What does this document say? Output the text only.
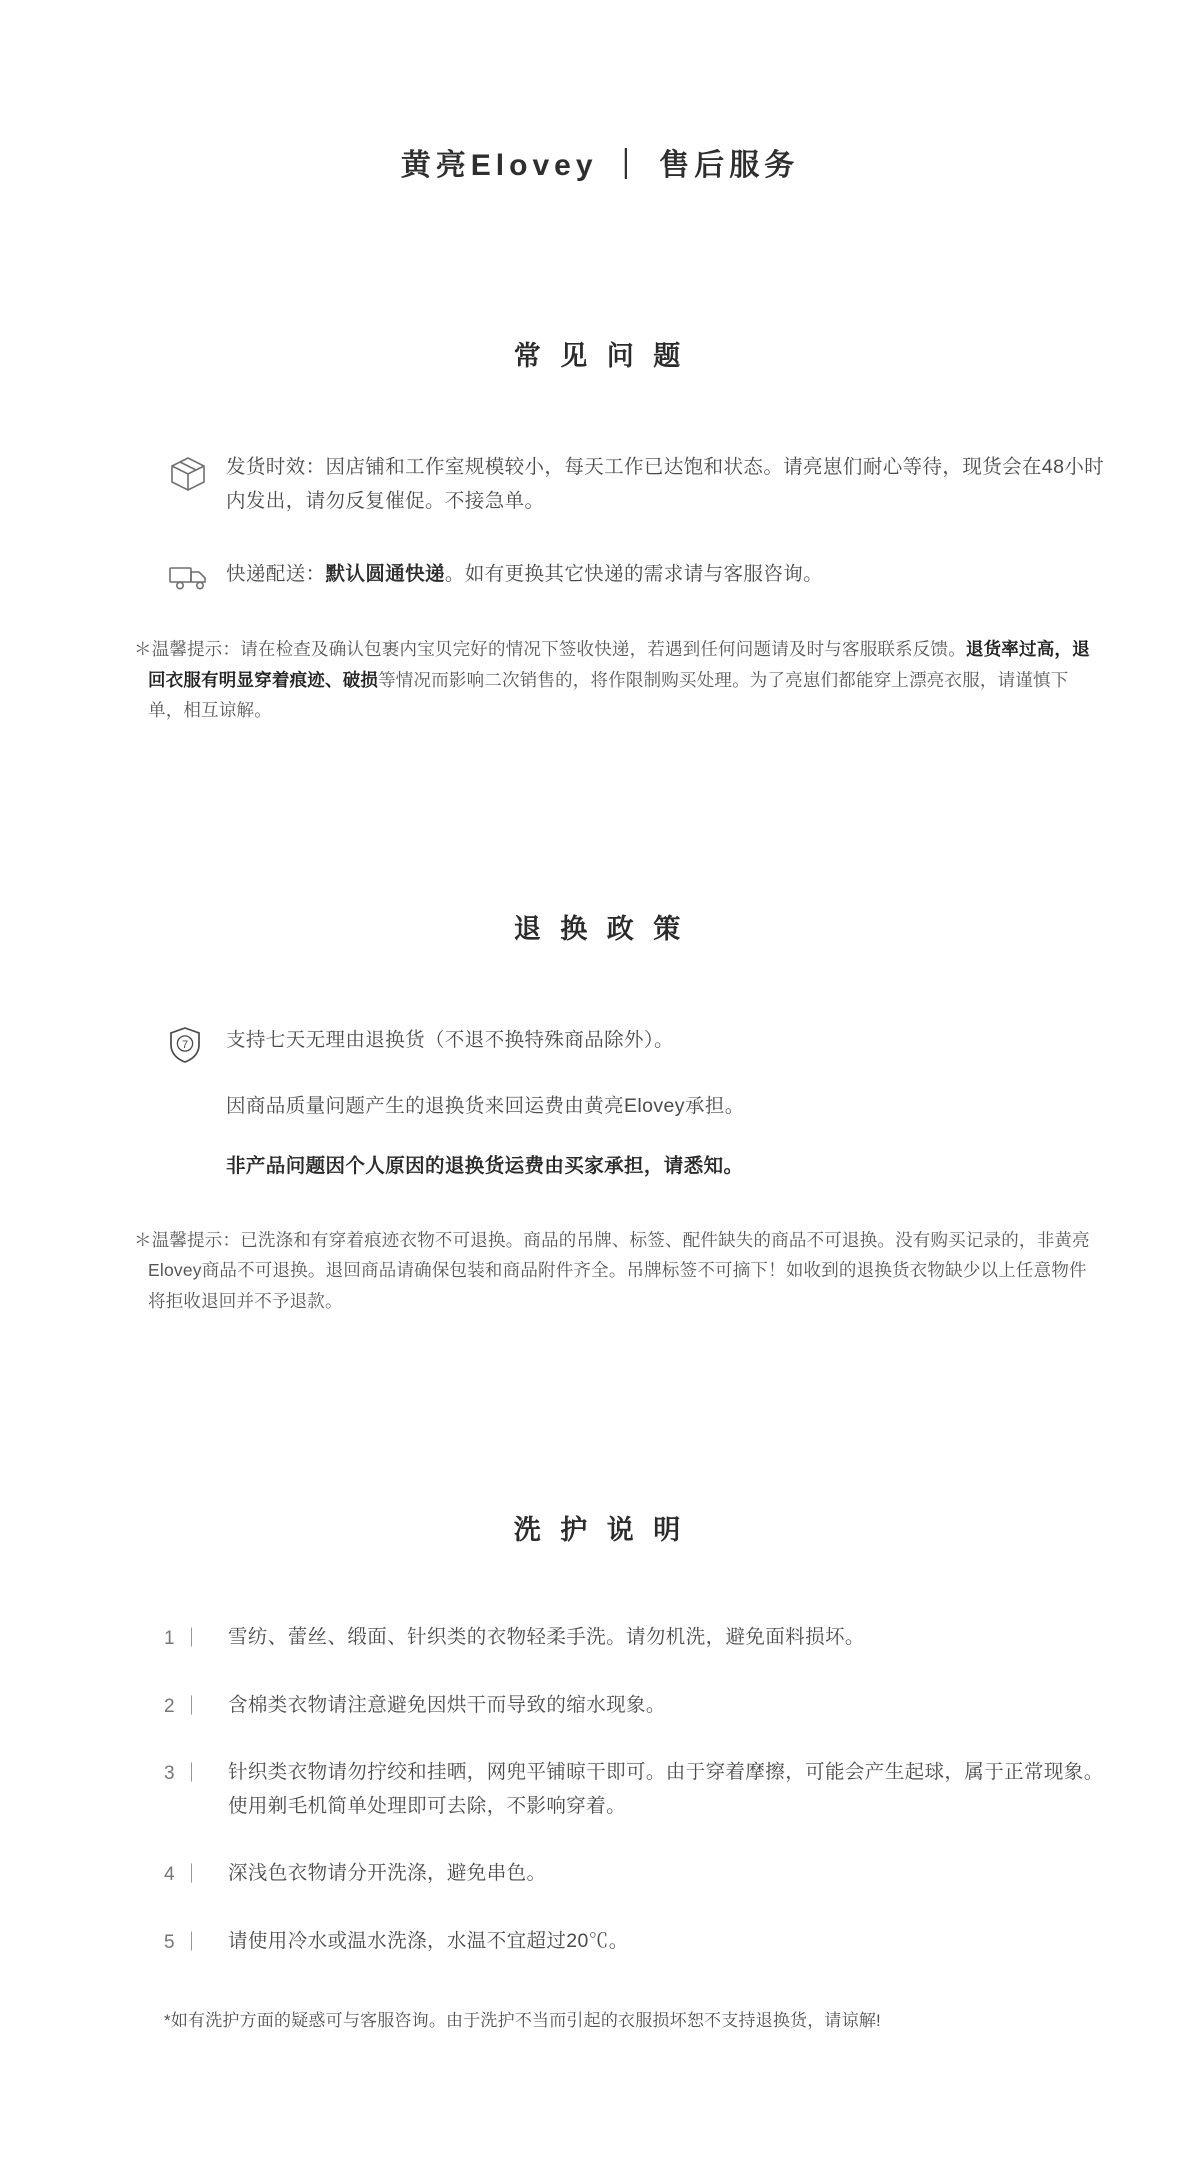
黄亮Elovey ｜ 售后服务
常 见 问 题
发货时效：因店铺和工作室规模较小，每天工作已达饱和状态。请亮崽们耐心等待，现货会在48小时内发出，请勿反复催促。不接急单。
快递配送：默认圆通快递。如有更换其它快递的需求请与客服咨询。
＊温馨提示：请在检查及确认包裹内宝贝完好的情况下签收快递，若遇到任何问题请及时与客服联系反馈。退货率过高，退回衣服有明显穿着痕迹、破损等情况而影响二次销售的，将作限制购买处理。为了亮崽们都能穿上漂亮衣服，请谨慎下单，相互谅解。
退 换 政 策
7 支持七天无理由退换货（不退不换特殊商品除外）。
因商品质量问题产生的退换货来回运费由黄亮Elovey承担。
非产品问题因个人原因的退换货运费由买家承担，请悉知。
＊温馨提示：已洗涤和有穿着痕迹衣物不可退换。商品的吊牌、标签、配件缺失的商品不可退换。没有购买记录的，非黄亮Elovey商品不可退换。退回商品请确保包装和商品附件齐全。吊牌标签不可摘下！如收到的退换货衣物缺少以上任意物件将拒收退回并不予退款。
洗 护 说 明
1 ｜	雪纺、蕾丝、缎面、针织类的衣物轻柔手洗。请勿机洗，避免面料损坏。
2 ｜	含棉类衣物请注意避免因烘干而导致的缩水现象。
3 ｜	针织类衣物请勿拧绞和挂晒，网兜平铺晾干即可。由于穿着摩擦，可能会产生起球，属于正常现象。使用剃毛机简单处理即可去除，不影响穿着。
4 ｜	深浅色衣物请分开洗涤，避免串色。
5 ｜	请使用冷水或温水洗涤，水温不宜超过20℃。
*如有洗护方面的疑惑可与客服咨询。由于洗护不当而引起的衣服损坏恕不支持退换货，请谅解!
